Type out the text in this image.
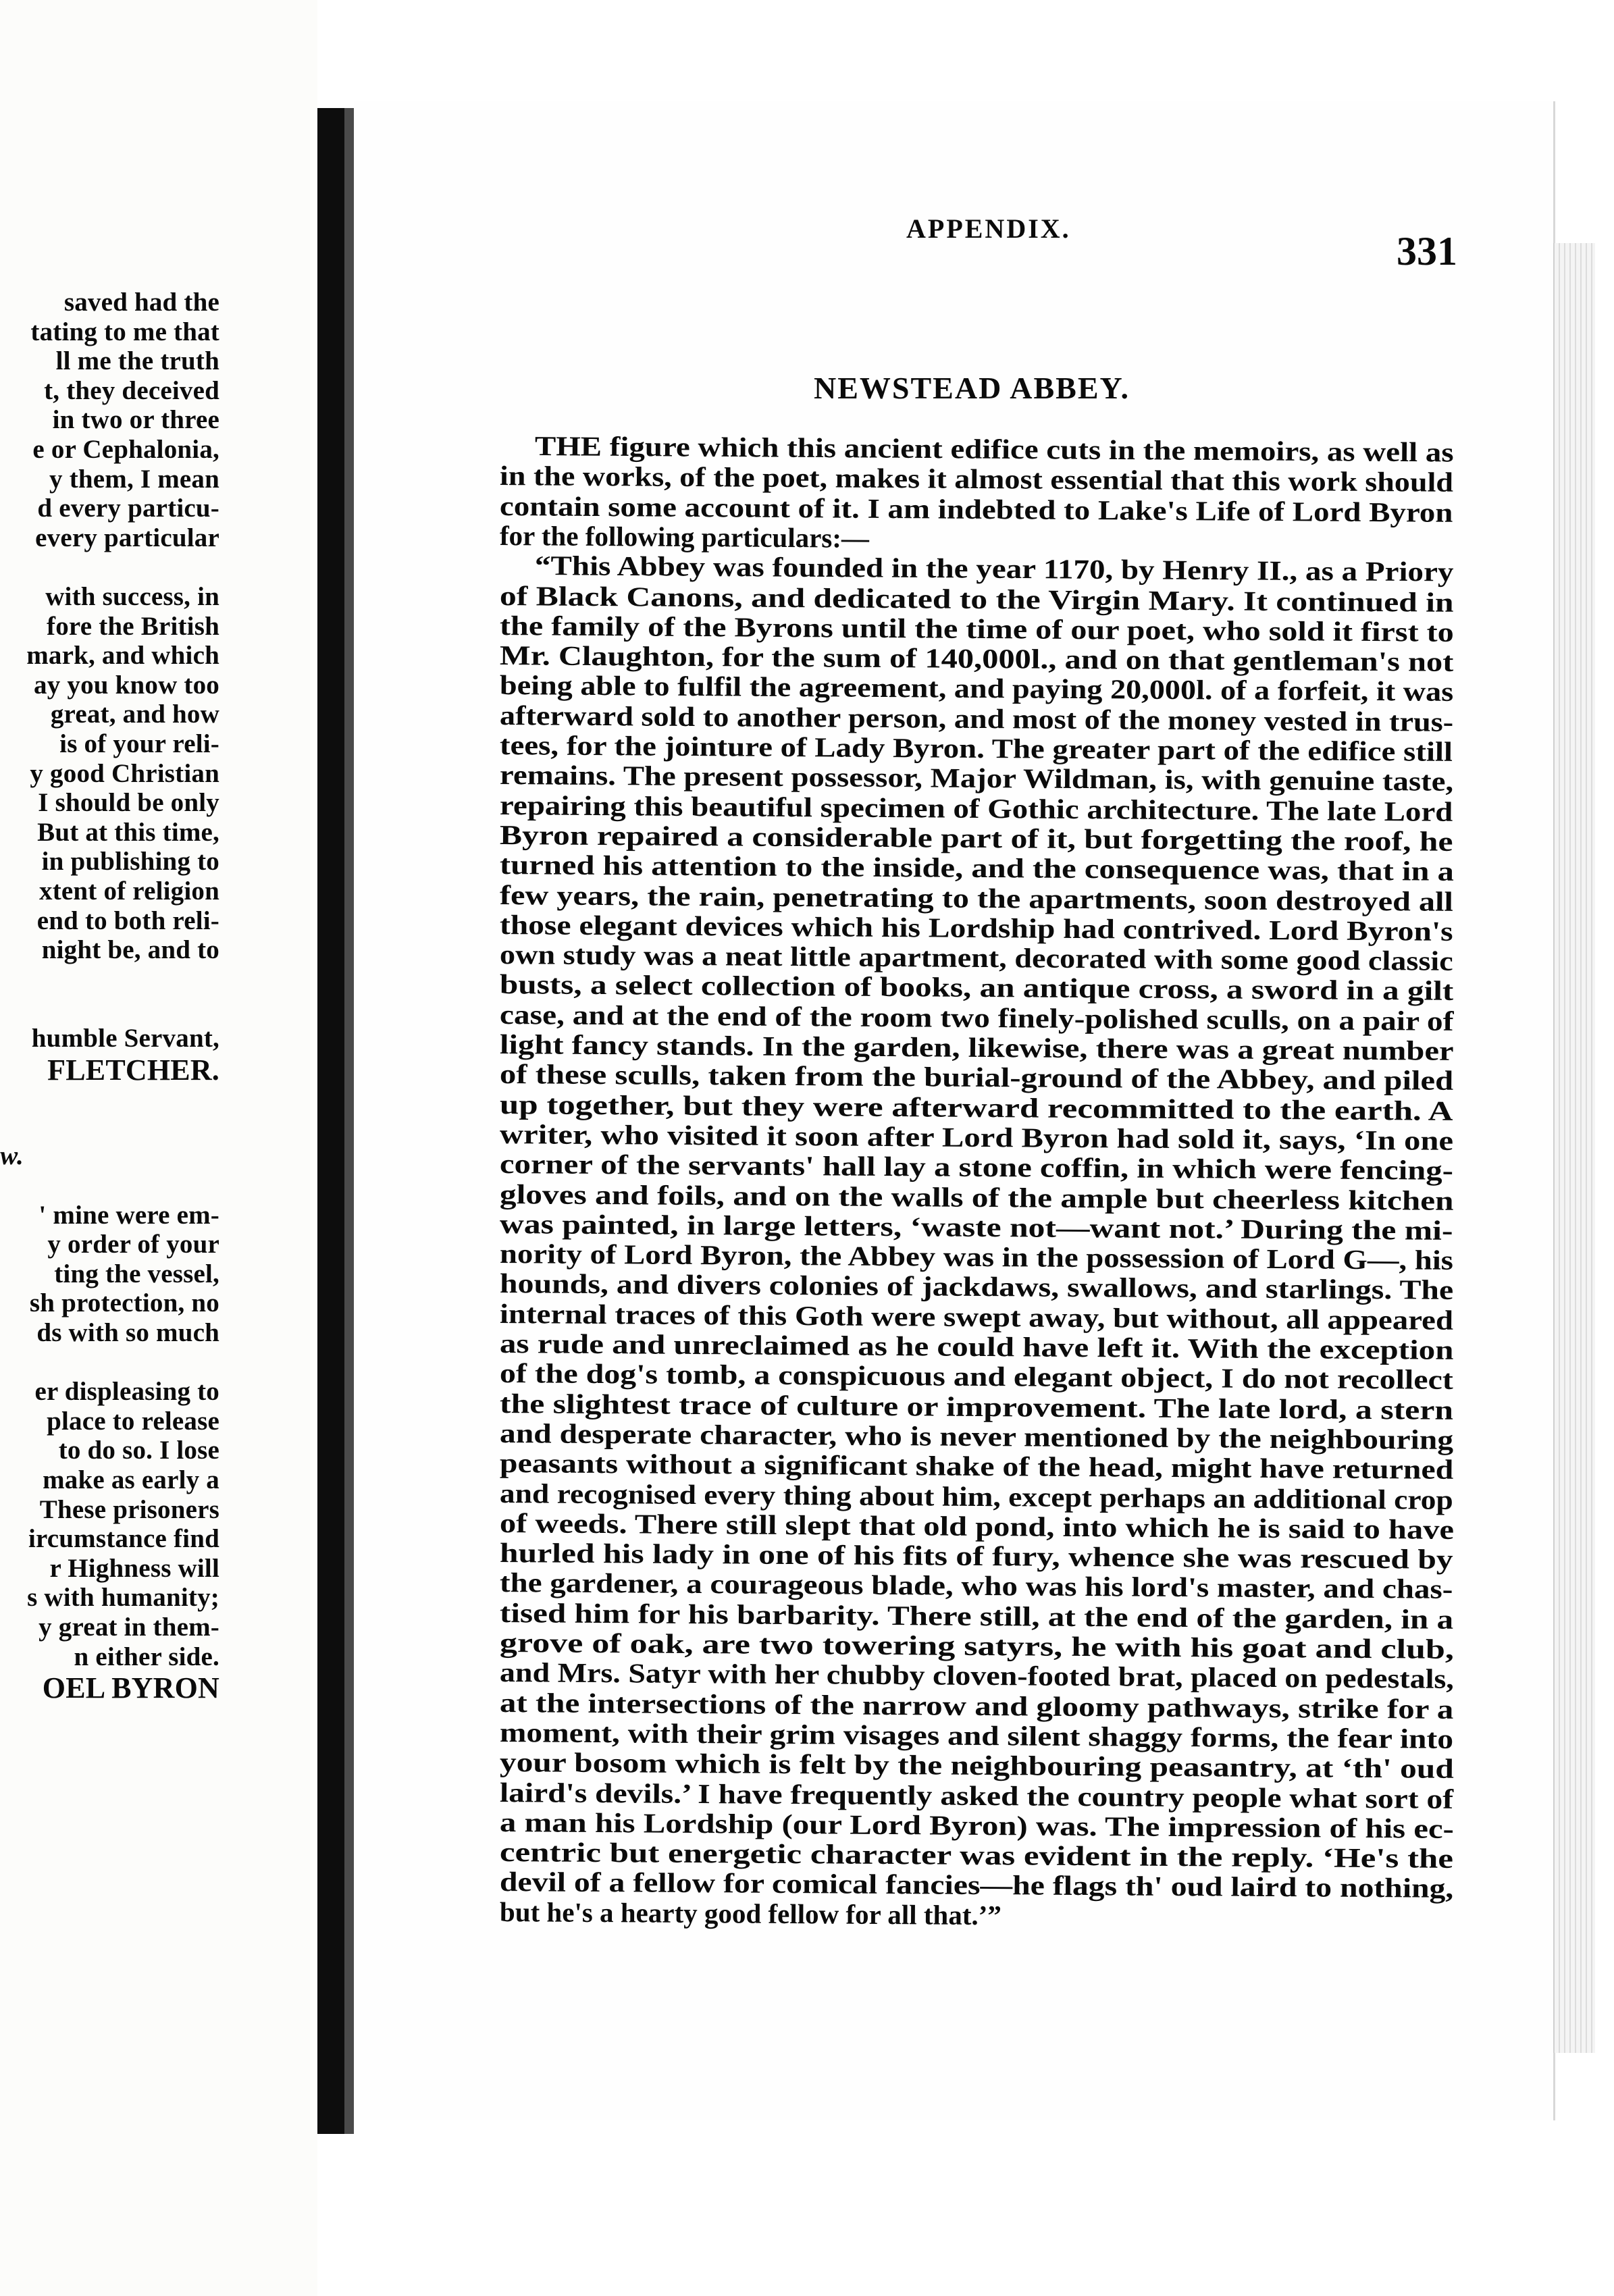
saved had the
tating to me that
ll me the truth
t, they deceived
in two or three
e or Cephalonia,
y them, I mean
d every particu-
every particular
with success, in
fore the British
mark, and which
ay you know too
great, and how
is of your reli-
y good Christian
I should be only
But at this time,
in publishing to
xtent of religion
end to both reli-
night be, and to
humble Servant,
FLETCHER.
w.
' mine were em-
y order of your
ting the vessel,
sh protection, no
ds with so much
er displeasing to
place to release
to do so. I lose
make as early a
These prisoners
ircumstance find
r Highness will
s with humanity;
y great in them-
n either side.
OEL BYRON
APPENDIX.
331
NEWSTEAD ABBEY.
THE figure which this ancient edifice cuts in the memoirs, as well as
in the works, of the poet, makes it almost essential that this work should
contain some account of it. I am indebted to Lake's Life of Lord Byron
for the following particulars:—
“This Abbey was founded in the year 1170, by Henry II., as a Priory
of Black Canons, and dedicated to the Virgin Mary. It continued in
the family of the Byrons until the time of our poet, who sold it first to
Mr. Claughton, for the sum of 140,000l., and on that gentleman's not
being able to fulfil the agreement, and paying 20,000l. of a forfeit, it was
afterward sold to another person, and most of the money vested in trus-
tees, for the jointure of Lady Byron. The greater part of the edifice still
remains. The present possessor, Major Wildman, is, with genuine taste,
repairing this beautiful specimen of Gothic architecture. The late Lord
Byron repaired a considerable part of it, but forgetting the roof, he
turned his attention to the inside, and the consequence was, that in a
few years, the rain, penetrating to the apartments, soon destroyed all
those elegant devices which his Lordship had contrived. Lord Byron's
own study was a neat little apartment, decorated with some good classic
busts, a select collection of books, an antique cross, a sword in a gilt
case, and at the end of the room two finely-polished sculls, on a pair of
light fancy stands. In the garden, likewise, there was a great number
of these sculls, taken from the burial-ground of the Abbey, and piled
up together, but they were afterward recommitted to the earth. A
writer, who visited it soon after Lord Byron had sold it, says, ‘In one
corner of the servants' hall lay a stone coffin, in which were fencing-
gloves and foils, and on the walls of the ample but cheerless kitchen
was painted, in large letters, ‘waste not—want not.’ During the mi-
nority of Lord Byron, the Abbey was in the possession of Lord G—, his
hounds, and divers colonies of jackdaws, swallows, and starlings. The
internal traces of this Goth were swept away, but without, all appeared
as rude and unreclaimed as he could have left it. With the exception
of the dog's tomb, a conspicuous and elegant object, I do not recollect
the slightest trace of culture or improvement. The late lord, a stern
and desperate character, who is never mentioned by the neighbouring
peasants without a significant shake of the head, might have returned
and recognised every thing about him, except perhaps an additional crop
of weeds. There still slept that old pond, into which he is said to have
hurled his lady in one of his fits of fury, whence she was rescued by
the gardener, a courageous blade, who was his lord's master, and chas-
tised him for his barbarity. There still, at the end of the garden, in a
grove of oak, are two towering satyrs, he with his goat and club,
and Mrs. Satyr with her chubby cloven-footed brat, placed on pedestals,
at the intersections of the narrow and gloomy pathways, strike for a
moment, with their grim visages and silent shaggy forms, the fear into
your bosom which is felt by the neighbouring peasantry, at ‘th' oud
laird's devils.’ I have frequently asked the country people what sort of
a man his Lordship (our Lord Byron) was. The impression of his ec-
centric but energetic character was evident in the reply. ‘He's the
devil of a fellow for comical fancies—he flags th' oud laird to nothing,
but he's a hearty good fellow for all that.’”
